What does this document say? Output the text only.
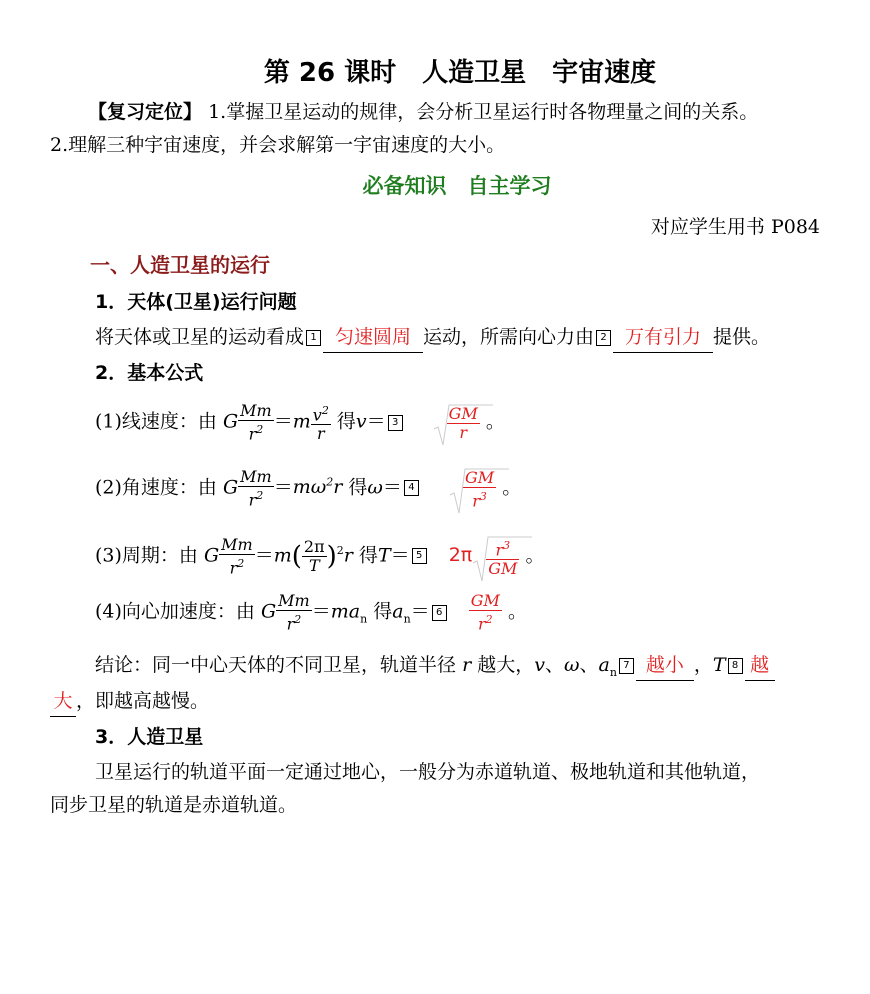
第 26 课时　人造卫星　宇宙速度
【复习定位】 1.掌握卫星运动的规律，会分析卫星运行时各物理量之间的关系。
2.理解三种宇宙速度，并会求解第一宇宙速度的大小。
必备知识　自主学习
对应学生用书 P084
一、人造卫星的运行
1．天体(卫星)运行问题
将天体或卫星的运动看成 1 匀速圆周 运动，所需向心力由 2 万有引力 提供。
2．基本公式
(1)线速度：由 G $\frac{Mm}{r^2} =m \frac{v^2}{r}$ 得v＝ 3	$\frac{GM}{r}$ 。
(2)角速度：由 G $\frac{Mm}{r^2} =m\omega^2r$ 得ω＝ 4	$\frac{GM}{r^3}$ 。
(3)周期：由 G $\frac{Mm}{r^2} =m( \frac{2\pi}{T} )^2r$ 得T＝ 5 $2\pi \frac{r^3}{GM}$ 。
(4)向心加速度：由 G $\frac{Mm}{r^2} =ma_n$ 得$a_n= 6 \frac{GM}{r^2}$ 。
结论：同一中心天体的不同卫星，轨道半径 r 越大，v、ω、$a_n7$ 越小 ，T 8 越
大 ，即越高越慢。
3．人造卫星
卫星运行的轨道平面一定通过地心，一般分为赤道轨道、极地轨道和其他轨道，
同步卫星的轨道是赤道轨道。
